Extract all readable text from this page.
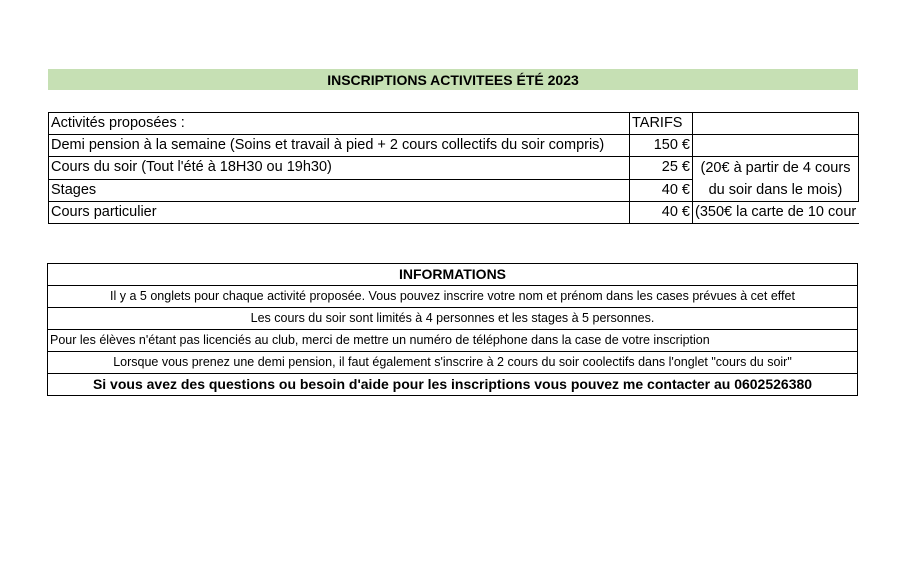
INSCRIPTIONS ACTIVITEES ÉTÉ 2023
Activités proposées :	TARIFS	
Demi pension à la semaine (Soins et travail à pied + 2 cours collectifs du soir compris)	150 €	
Cours du soir (Tout l'été à 18H30 ou 19h30)	25 €	(20€ à partir de 4 cours
du soir dans le mois)
Stages	40 €	
Cours particulier	40 €	(350€ la carte de 10 cour
INFORMATIONS
Il y a 5 onglets pour chaque activité proposée. Vous pouvez inscrire votre nom et prénom dans les cases prévues à cet effet
Les cours du soir sont limités à 4 personnes et les stages à 5 personnes.
Pour les élèves n'étant pas licenciés au club, merci de mettre un numéro de téléphone dans la case de votre inscription
Lorsque vous prenez une demi pension, il faut également s'inscrire à 2 cours du soir coolectifs dans l'onglet "cours du soir"
Si vous avez des questions ou besoin d'aide pour les inscriptions vous pouvez me contacter au 0602526380
